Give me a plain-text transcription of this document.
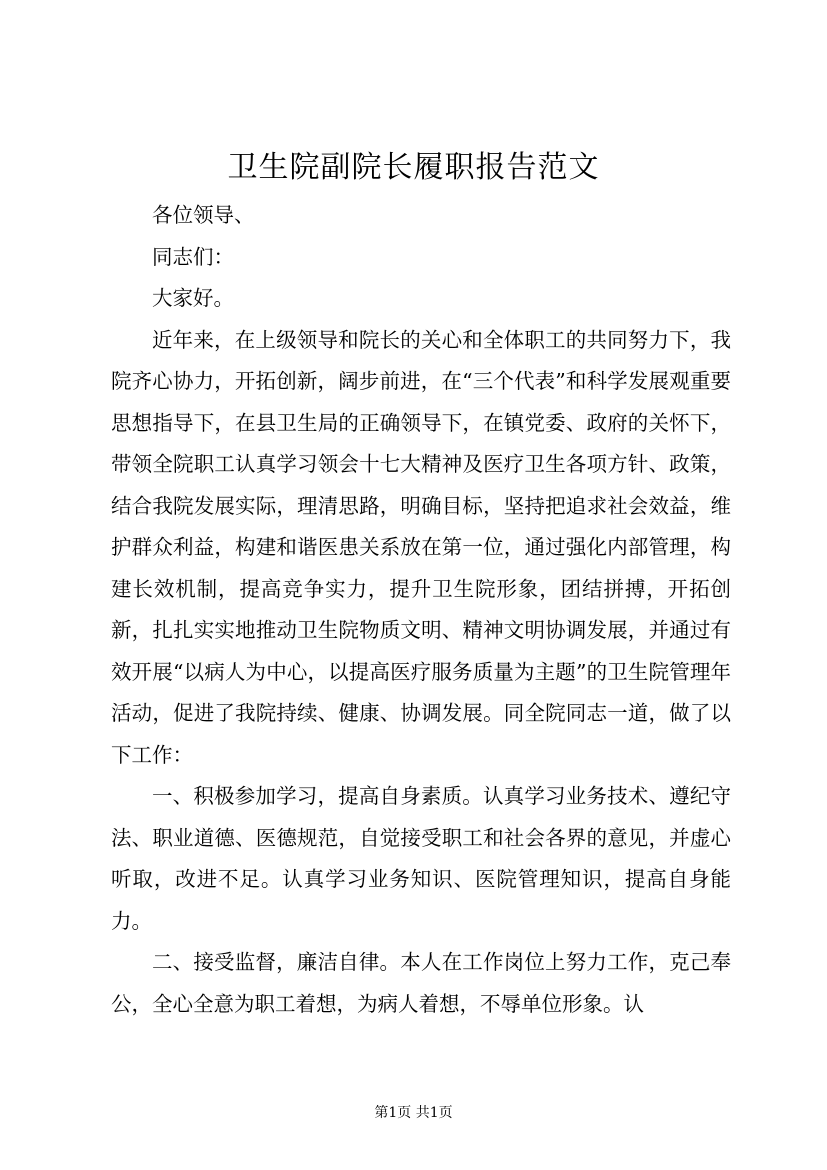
卫生院副院长履职报告范文

各位领导、

同志们：

大家好。

近年来，在上级领导和院长的关心和全体职工的共同努力下，我院齐心协力，开拓创新，阔步前进，在“三个代表”和科学发展观重要思想指导下，在县卫生局的正确领导下，在镇党委、政府的关怀下，带领全院职工认真学习领会十七大精神及医疗卫生各项方针、政策，结合我院发展实际，理清思路，明确目标，坚持把追求社会效益，维护群众利益，构建和谐医患关系放在第一位，通过强化内部管理，构建长效机制，提高竞争实力，提升卫生院形象，团结拼搏，开拓创新，扎扎实实地推动卫生院物质文明、精神文明协调发展，并通过有效开展“以病人为中心，以提高医疗服务质量为主题”的卫生院管理年活动，促进了我院持续、健康、协调发展。同全院同志一道，做了以下工作：

一、积极参加学习，提高自身素质。认真学习业务技术、遵纪守法、职业道德、医德规范，自觉接受职工和社会各界的意见，并虚心听取，改进不足。认真学习业务知识、医院管理知识，提高自身能力。

二、接受监督，廉洁自律。本人在工作岗位上努力工作，克己奉公，全心全意为职工着想，为病人着想，不辱单位形象。认

第1页 共1页
